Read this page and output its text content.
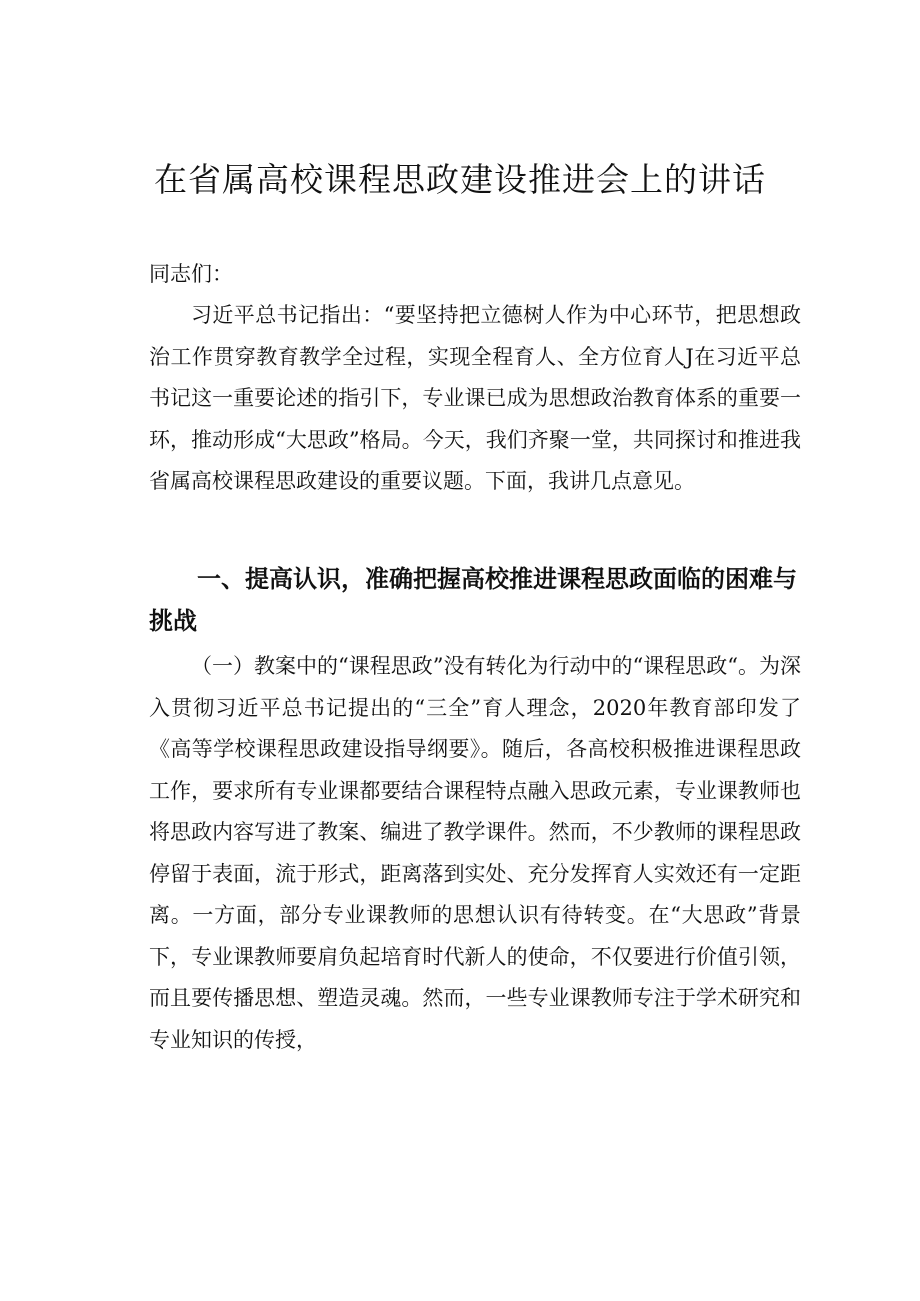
在省属高校课程思政建设推进会上的讲话

同志们：

习近平总书记指出：“要坚持把立德树人作为中心环节，把思想政治工作贯穿教育教学全过程，实现全程育人、全方位育人J在习近平总书记这一重要论述的指引下，专业课已成为思想政治教育体系的重要一环，推动形成“大思政”格局。今天，我们齐聚一堂，共同探讨和推进我省属高校课程思政建设的重要议题。下面，我讲几点意见。

一、提高认识，准确把握高校推进课程思政面临的困难与挑战

（一）教案中的“课程思政”没有转化为行动中的“课程思政“。为深入贯彻习近平总书记提出的“三全”育人理念，2020年教育部印发了《高等学校课程思政建设指导纲要》。随后，各高校积极推进课程思政工作，要求所有专业课都要结合课程特点融入思政元素，专业课教师也将思政内容写进了教案、编进了教学课件。然而，不少教师的课程思政停留于表面，流于形式，距离落到实处、充分发挥育人实效还有一定距离。一方面，部分专业课教师的思想认识有待转变。在“大思政”背景下，专业课教师要肩负起培育时代新人的使命，不仅要进行价值引领，而且要传播思想、塑造灵魂。然而，一些专业课教师专注于学术研究和专业知识的传授，
